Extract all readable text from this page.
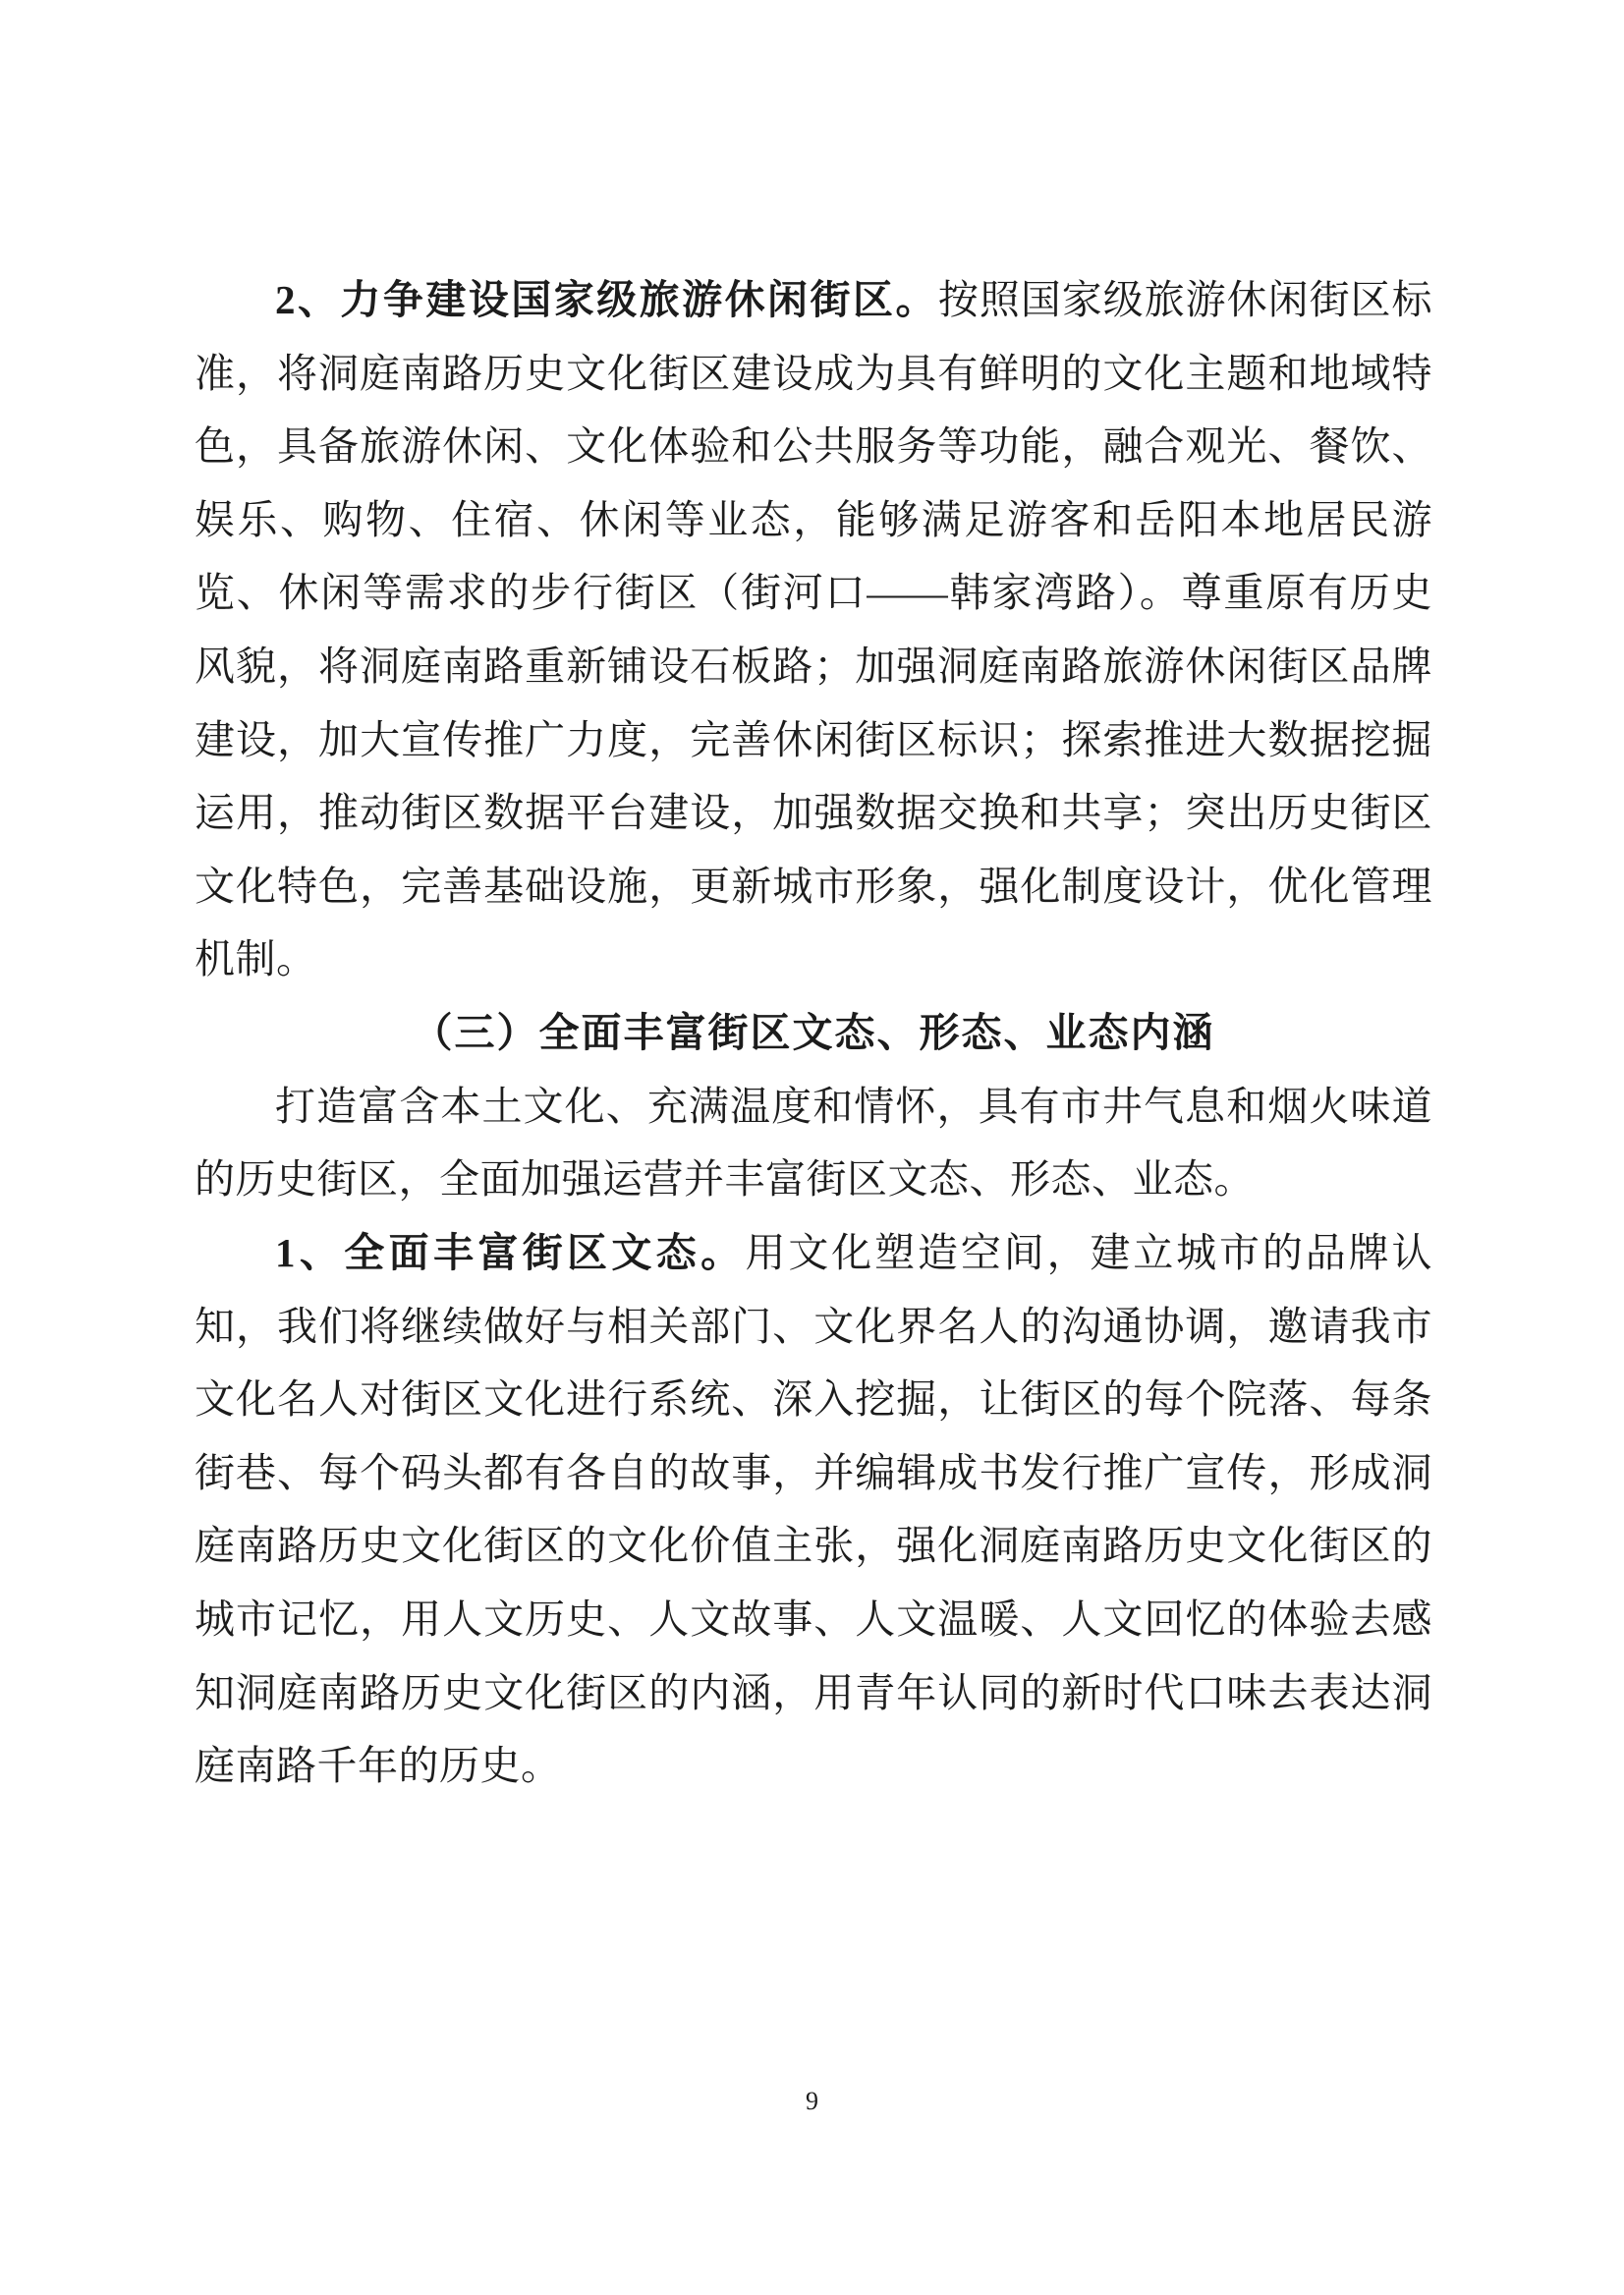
2、力争建设国家级旅游休闲街区。按照国家级旅游休闲街区标准，将洞庭南路历史文化街区建设成为具有鲜明的文化主题和地域特色，具备旅游休闲、文化体验和公共服务等功能，融合观光、餐饮、娱乐、购物、住宿、休闲等业态，能够满足游客和岳阳本地居民游览、休闲等需求的步行街区（街河口——韩家湾路）。尊重原有历史风貌，将洞庭南路重新铺设石板路；加强洞庭南路旅游休闲街区品牌建设，加大宣传推广力度，完善休闲街区标识；探索推进大数据挖掘运用，推动街区数据平台建设，加强数据交换和共享；突出历史街区文化特色，完善基础设施，更新城市形象，强化制度设计，优化管理机制。

（三）全面丰富街区文态、形态、业态内涵

打造富含本土文化、充满温度和情怀，具有市井气息和烟火味道的历史街区，全面加强运营并丰富街区文态、形态、业态。

1、全面丰富街区文态。用文化塑造空间，建立城市的品牌认知，我们将继续做好与相关部门、文化界名人的沟通协调，邀请我市文化名人对街区文化进行系统、深入挖掘，让街区的每个院落、每条街巷、每个码头都有各自的故事，并编辑成书发行推广宣传，形成洞庭南路历史文化街区的文化价值主张，强化洞庭南路历史文化街区的城市记忆，用人文历史、人文故事、人文温暖、人文回忆的体验去感知洞庭南路历史文化街区的内涵，用青年认同的新时代口味去表达洞庭南路千年的历史。

9
